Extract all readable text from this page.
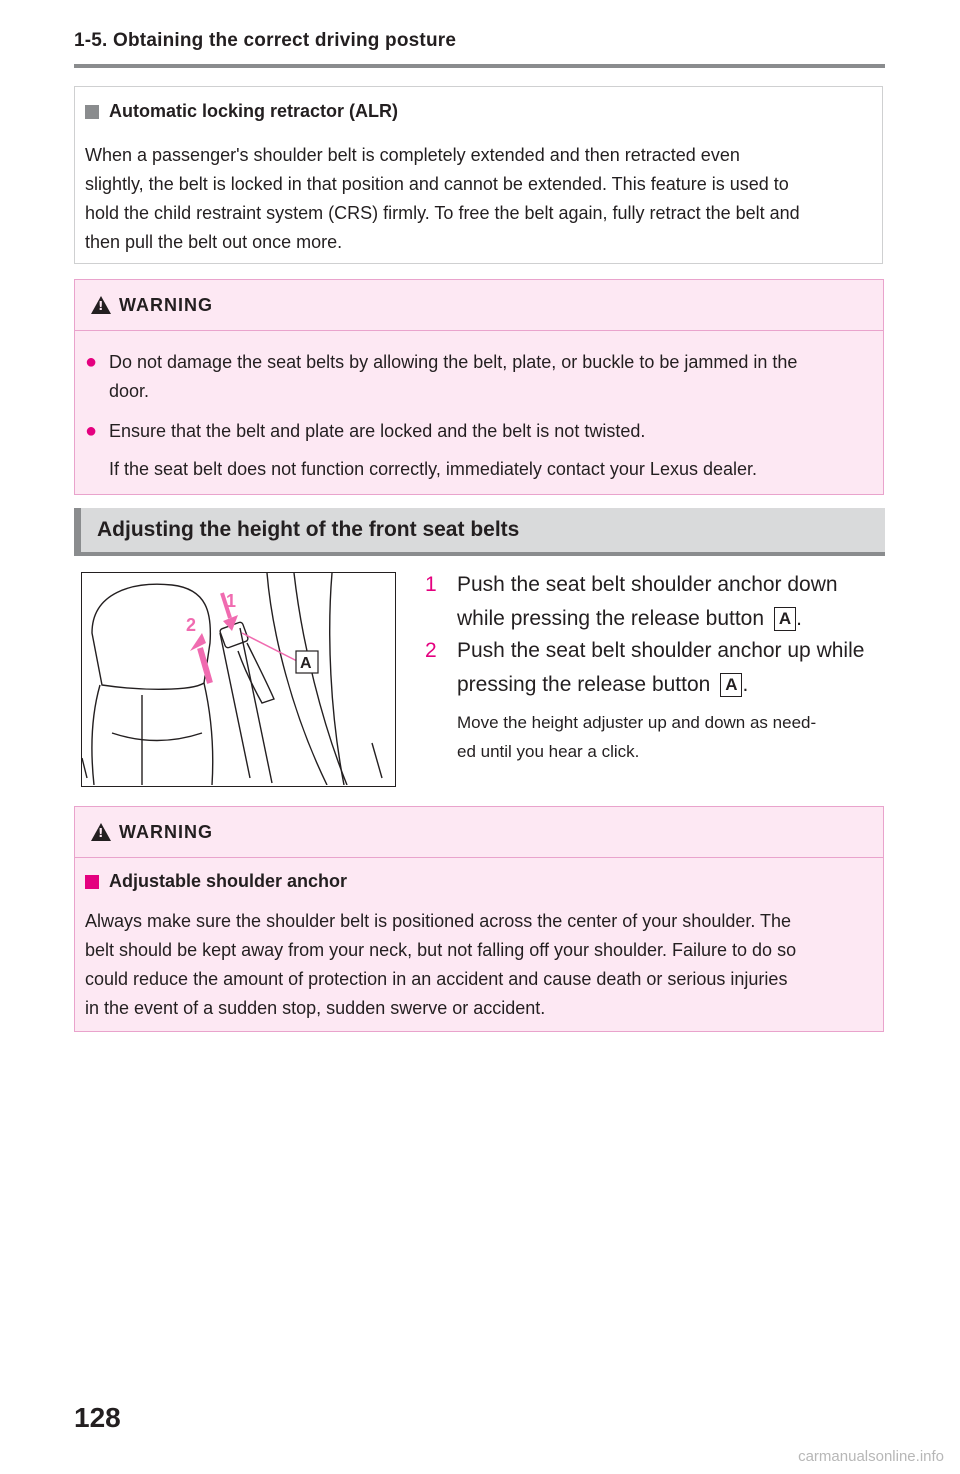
1-5. Obtaining the correct driving posture
Automatic locking retractor (ALR)
When a passenger's shoulder belt is completely extended and then retracted even
slightly, the belt is locked in that position and cannot be extended. This feature is used to
hold the child restraint system (CRS) firmly. To free the belt again, fully retract the belt and
then pull the belt out once more.
!
WARNING
● Do not damage the seat belts by allowing the belt, plate, or buckle to be jammed in the
door.
● Ensure that the belt and plate are locked and the belt is not twisted.
If the seat belt does not function correctly, immediately contact your Lexus dealer.
Adjusting the height of the front seat belts
1
2
A
1 Push the seat belt shoulder anchor down
while pressing the release button A .
2 Push the seat belt shoulder anchor up while
pressing the release button A .
Move the height adjuster up and down as need-
ed until you hear a click.
!
WARNING
Adjustable shoulder anchor
Always make sure the shoulder belt is positioned across the center of your shoulder. The
belt should be kept away from your neck, but not falling off your shoulder. Failure to do so
could reduce the amount of protection in an accident and cause death or serious injuries
in the event of a sudden stop, sudden swerve or accident.
128
carmanualsonline.info
